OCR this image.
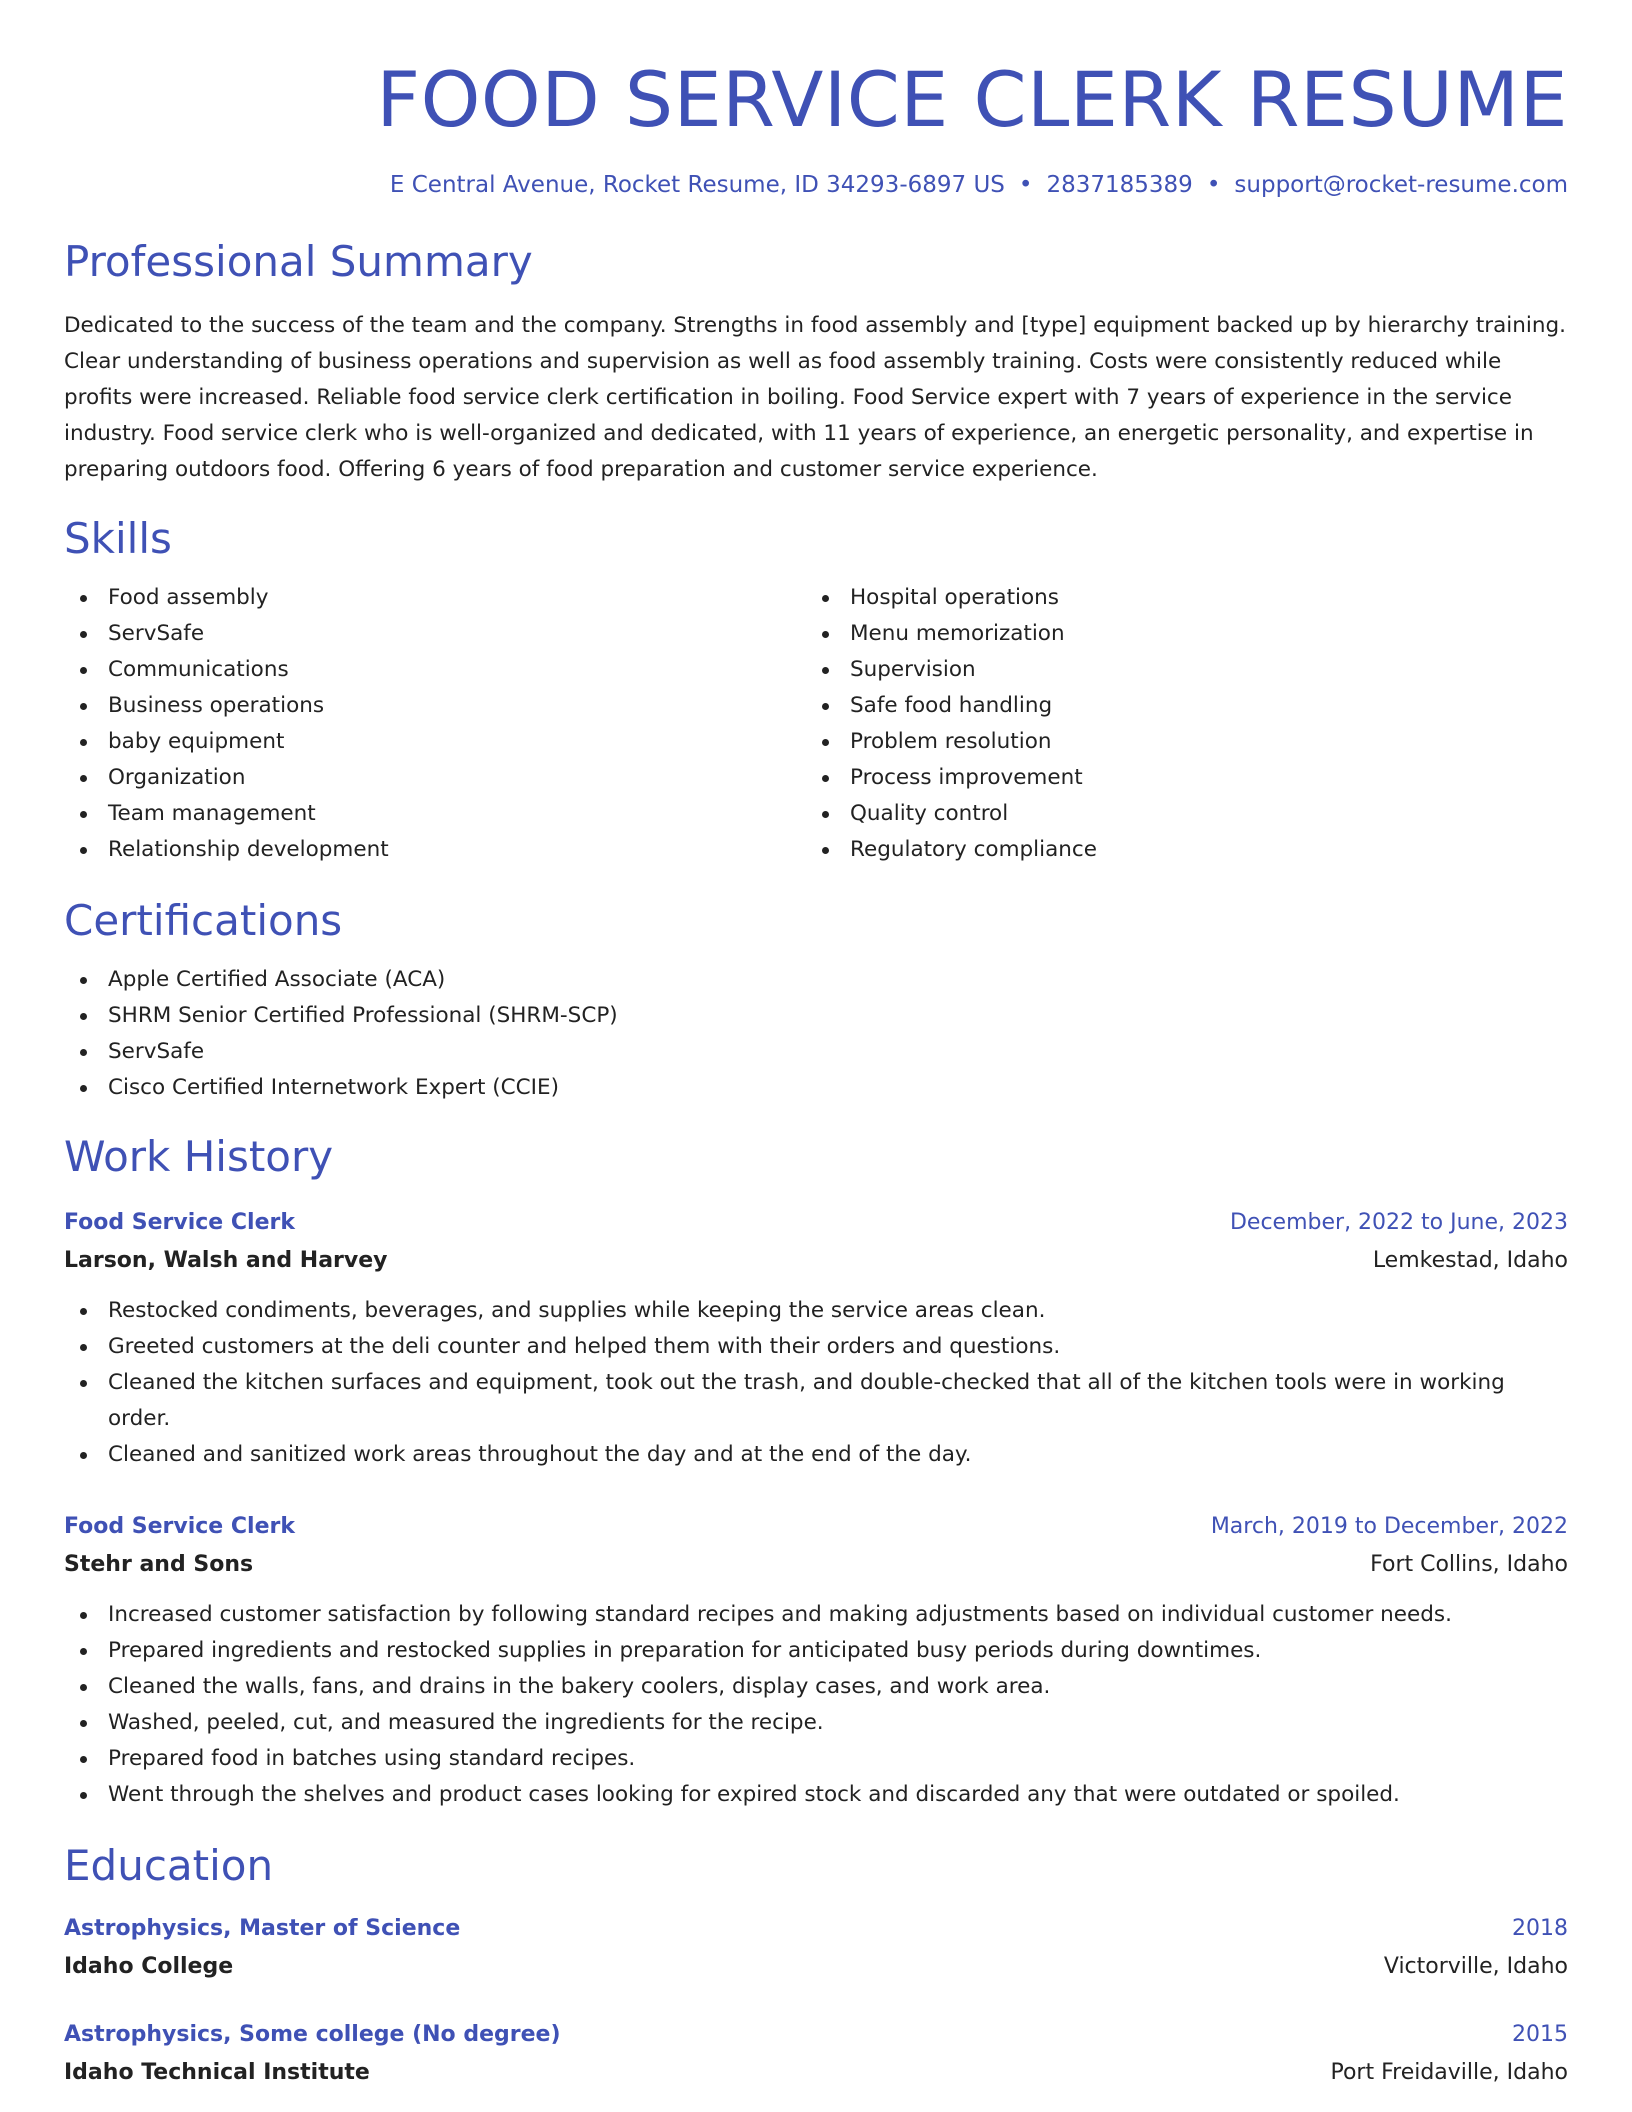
FOOD SERVICE CLERK RESUME
E Central Avenue, Rocket Resume, ID 34293-6897 US • 2837185389 • support@rocket-resume.com
Professional Summary

Dedicated to the success of the team and the company. Strengths in food assembly and [type] equipment backed up by hierarchy training. Clear understanding of business operations and supervision as well as food assembly training. Costs were consistently reduced while profits were increased. Reliable food service clerk certification in boiling. Food Service expert with 7 years of experience in the service industry. Food service clerk who is well-organized and dedicated, with 11 years of experience, an energetic personality, and expertise in preparing outdoors food. Offering 6 years of food preparation and customer service experience.

Skills
Food assembly
ServSafe
Communications
Business operations
baby equipment
Organization
Team management
Relationship development
Hospital operations
Menu memorization
Supervision
Safe food handling
Problem resolution
Process improvement
Quality control
Regulatory compliance
Certifications
Apple Certified Associate (ACA)
SHRM Senior Certified Professional (SHRM-SCP)
ServSafe
Cisco Certified Internetwork Expert (CCIE)
Work History
Food Service Clerk	December, 2022 to June, 2023
Larson, Walsh and Harvey	Lemkestad, Idaho
Restocked condiments, beverages, and supplies while keeping the service areas clean.
Greeted customers at the deli counter and helped them with their orders and questions.
Cleaned the kitchen surfaces and equipment, took out the trash, and double-checked that all of the kitchen tools were in working order.
Cleaned and sanitized work areas throughout the day and at the end of the day.
Food Service Clerk	March, 2019 to December, 2022
Stehr and Sons	Fort Collins, Idaho
Increased customer satisfaction by following standard recipes and making adjustments based on individual customer needs.
Prepared ingredients and restocked supplies in preparation for anticipated busy periods during downtimes.
Cleaned the walls, fans, and drains in the bakery coolers, display cases, and work area.
Washed, peeled, cut, and measured the ingredients for the recipe.
Prepared food in batches using standard recipes.
Went through the shelves and product cases looking for expired stock and discarded any that were outdated or spoiled.
Education
Astrophysics, Master of Science	2018
Idaho College	Victorville, Idaho
Astrophysics, Some college (No degree)	2015
Idaho Technical Institute	Port Freidaville, Idaho
